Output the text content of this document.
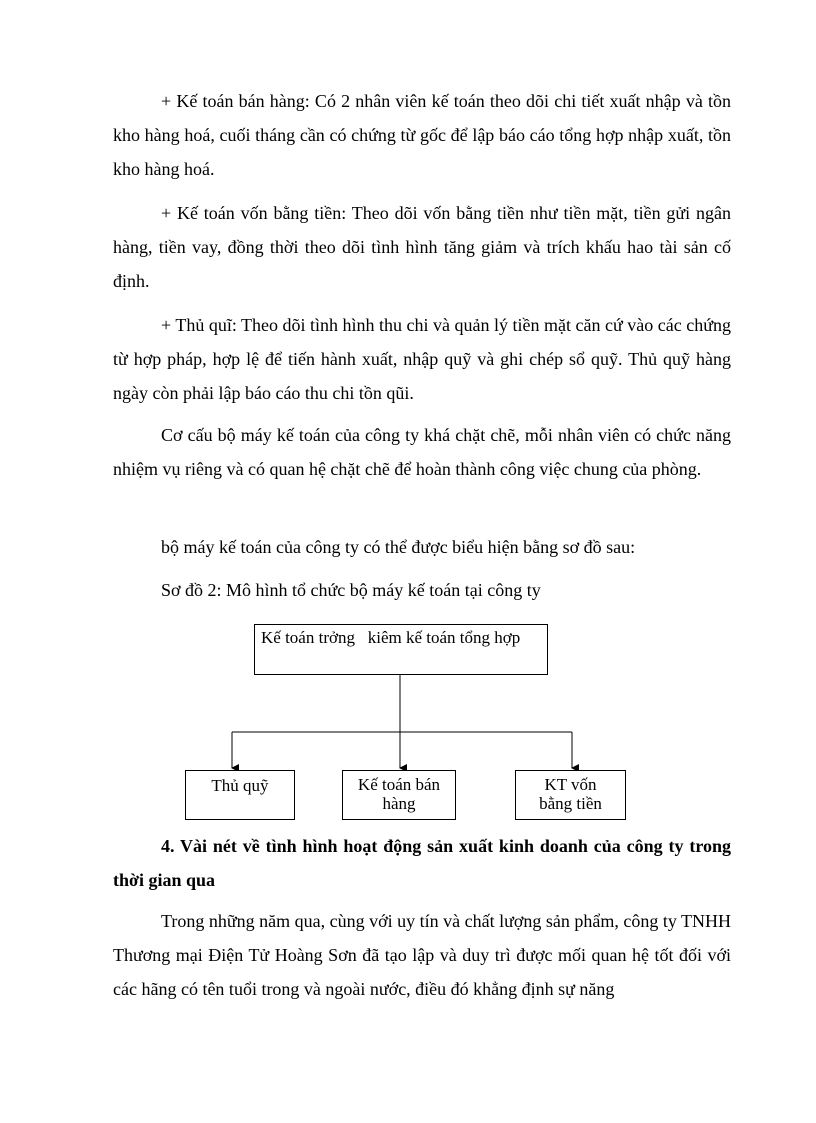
+ Kế toán bán hàng: Có 2 nhân viên kế toán theo dõi chi tiết xuất nhập và tồn kho hàng hoá, cuối tháng cần có chứng từ gốc để lập báo cáo tổng hợp nhập xuất, tồn kho hàng hoá.

+ Kế toán vốn bằng tiền: Theo dõi vốn bằng tiền như tiền mặt, tiền gửi ngân hàng, tiền vay, đồng thời theo dõi tình hình tăng giảm và trích khấu hao tài sản cố định.

+ Thủ quĩ: Theo dõi tình hình thu chi và quản lý tiền mặt căn cứ vào các chứng từ hợp pháp, hợp lệ để tiến hành xuất, nhập quỹ và ghi chép sổ quỹ. Thủ quỹ hàng ngày còn phải lập báo cáo thu chi tồn qũi.

Cơ cấu bộ máy kế toán của công ty khá chặt chẽ, mỗi nhân viên có chức năng nhiệm vụ riêng và có quan hệ chặt chẽ để hoàn thành công việc chung của phòng.

bộ máy kế toán của công ty có thể được biểu hiện bằng sơ đồ sau:

Sơ đồ 2: Mô hình tổ chức bộ máy kế toán tại công ty

Kế toán trởng   kiêm kế toán tổng hợp
Thủ quỹ	Kế toán bán
hàng
KT vốn
bằng tiền

4. Vài nét về tình hình hoạt động sản xuất kinh doanh của công ty trong thời gian qua

Trong những năm qua, cùng với uy tín và chất lượng sản phẩm, công ty TNHH Thương mại Điện Tử Hoàng Sơn đã tạo lập và duy trì được mối quan hệ tốt đối với các hãng có tên tuổi trong và ngoài nước, điều đó khẳng định sự năng
